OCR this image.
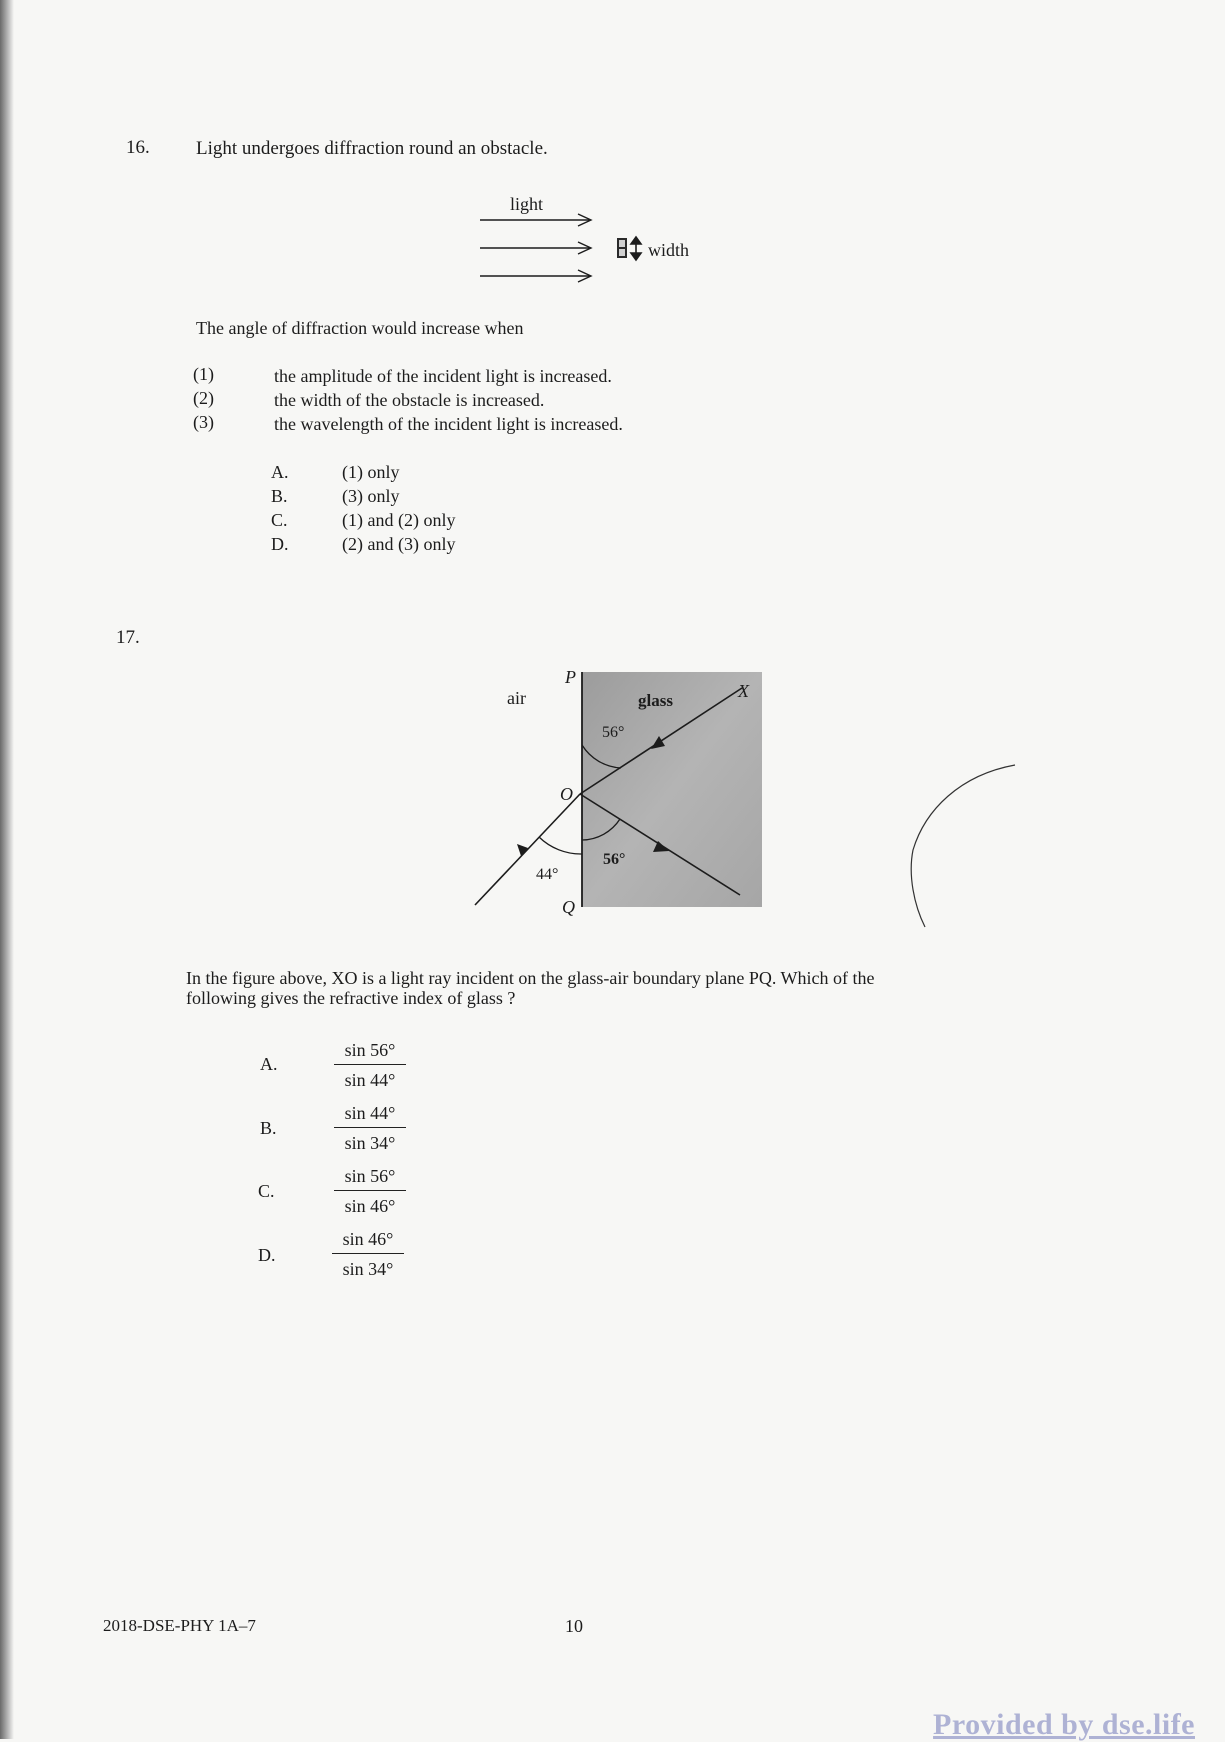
16. Light undergoes diffraction round an obstacle.
light
width
The angle of diffraction would increase when
(1)	the amplitude of the incident light is increased.
(2)	the width of the obstacle is increased.
(3)	the wavelength of the incident light is increased.
A.	(1) only
B.	(3) only
C.	(1) and (2) only
D.	(2) and (3) only
17.
air	glass
P
O
Q
X
56°
56°
44°
In the figure above, XO is a light ray incident on the glass-air boundary plane PQ. Which of the
following gives the refractive index of glass ?
A.	$\frac{\sin 56^\circ}{\sin 44^\circ}$
B.	$\frac{\sin 44^\circ}{\sin 34^\circ}$
C.	$\frac{\sin 56^\circ}{\sin 46^\circ}$
D.	$\frac{\sin 46^\circ}{\sin 34^\circ}$
2018-DSE-PHY 1A–7	10
Provided by dse.life
